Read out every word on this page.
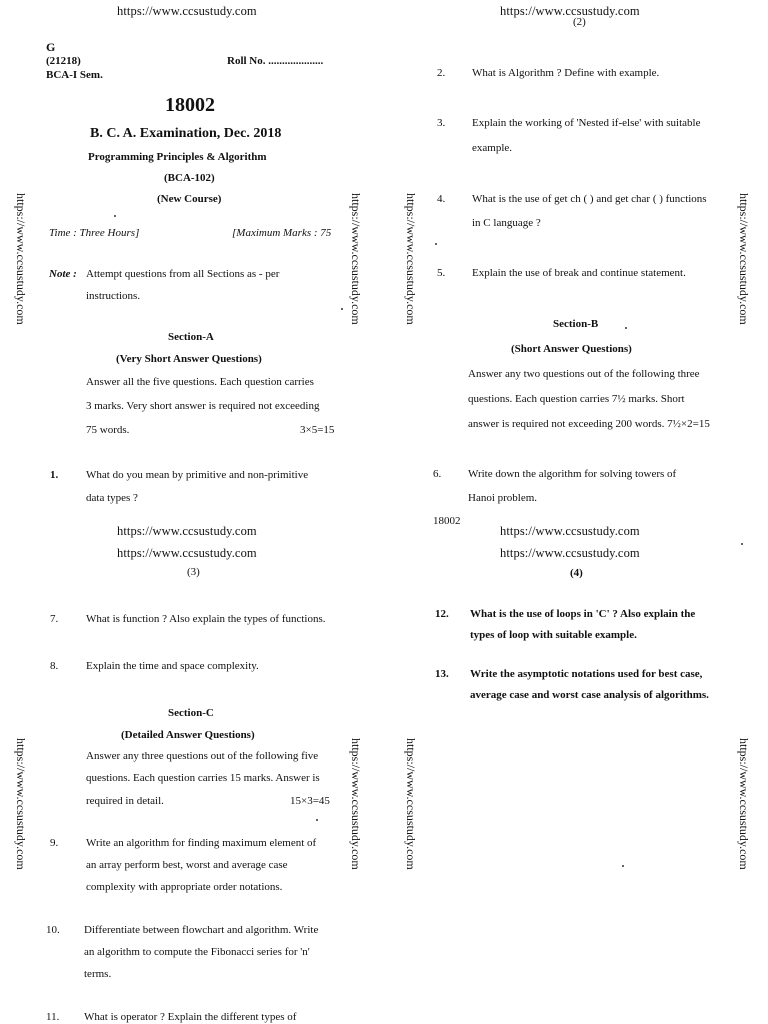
https://www.ccsustudy.com	https://www.ccsustudy.com
(2)
https://www.ccsustudy.com	https://www.ccsustudy.com	https://www.ccsustudy.com	https://www.ccsustudy.com
https://www.ccsustudy.com	https://www.ccsustudy.com	https://www.ccsustudy.com	https://www.ccsustudy.com
G
(21218)
BCA-I Sem.
Roll No. ....................
18002
B. C. A. Examination, Dec. 2018
Programming Principles & Algorithm
(BCA-102)
(New Course)
Time : Three Hours]	[Maximum Marks : 75
Note : Attempt questions from all Sections as - per
instructions.
Section-A
(Very Short Answer Questions)
Answer all the five questions. Each question carries
3 marks. Very short answer is required not exceeding
75 words.	3×5=15
1.	What do you mean by primitive and non-primitive
data types ?
https://www.ccsustudy.com
https://www.ccsustudy.com
(3)
2. What is Algorithm ? Define with example.
3. Explain the working of 'Nested if-else' with suitable
example.
4. What is the use of get ch ( ) and get char ( ) functions
in C language ?
5. Explain the use of break and continue statement.
Section-B
(Short Answer Questions)
Answer any two questions out of the following three
questions. Each question carries 7½ marks. Short
answer is required not exceeding 200 words. 7½×2=15
6. Write down the algorithm for solving towers of
Hanoi problem.
18002
https://www.ccsustudy.com
https://www.ccsustudy.com
(4)
7.	What is function ? Also explain the types of functions.
8.	Explain the time and space complexity.
Section-C
(Detailed Answer Questions)
Answer any three questions out of the following five
questions. Each question carries 15 marks. Answer is
required in detail.	15×3=45
9.	Write an algorithm for finding maximum element of
an array perform best, worst and average case
complexity with appropriate order notations.
10. Differentiate between flowchart and algorithm. Write
an algorithm to compute the Fibonacci series for 'n'
terms.
11. What is operator ? Explain the different types of
12. What is the use of loops in 'C' ? Also explain the
types of loop with suitable example.
13. Write the asymptotic notations used for best case,
average case and worst case analysis of algorithms.
